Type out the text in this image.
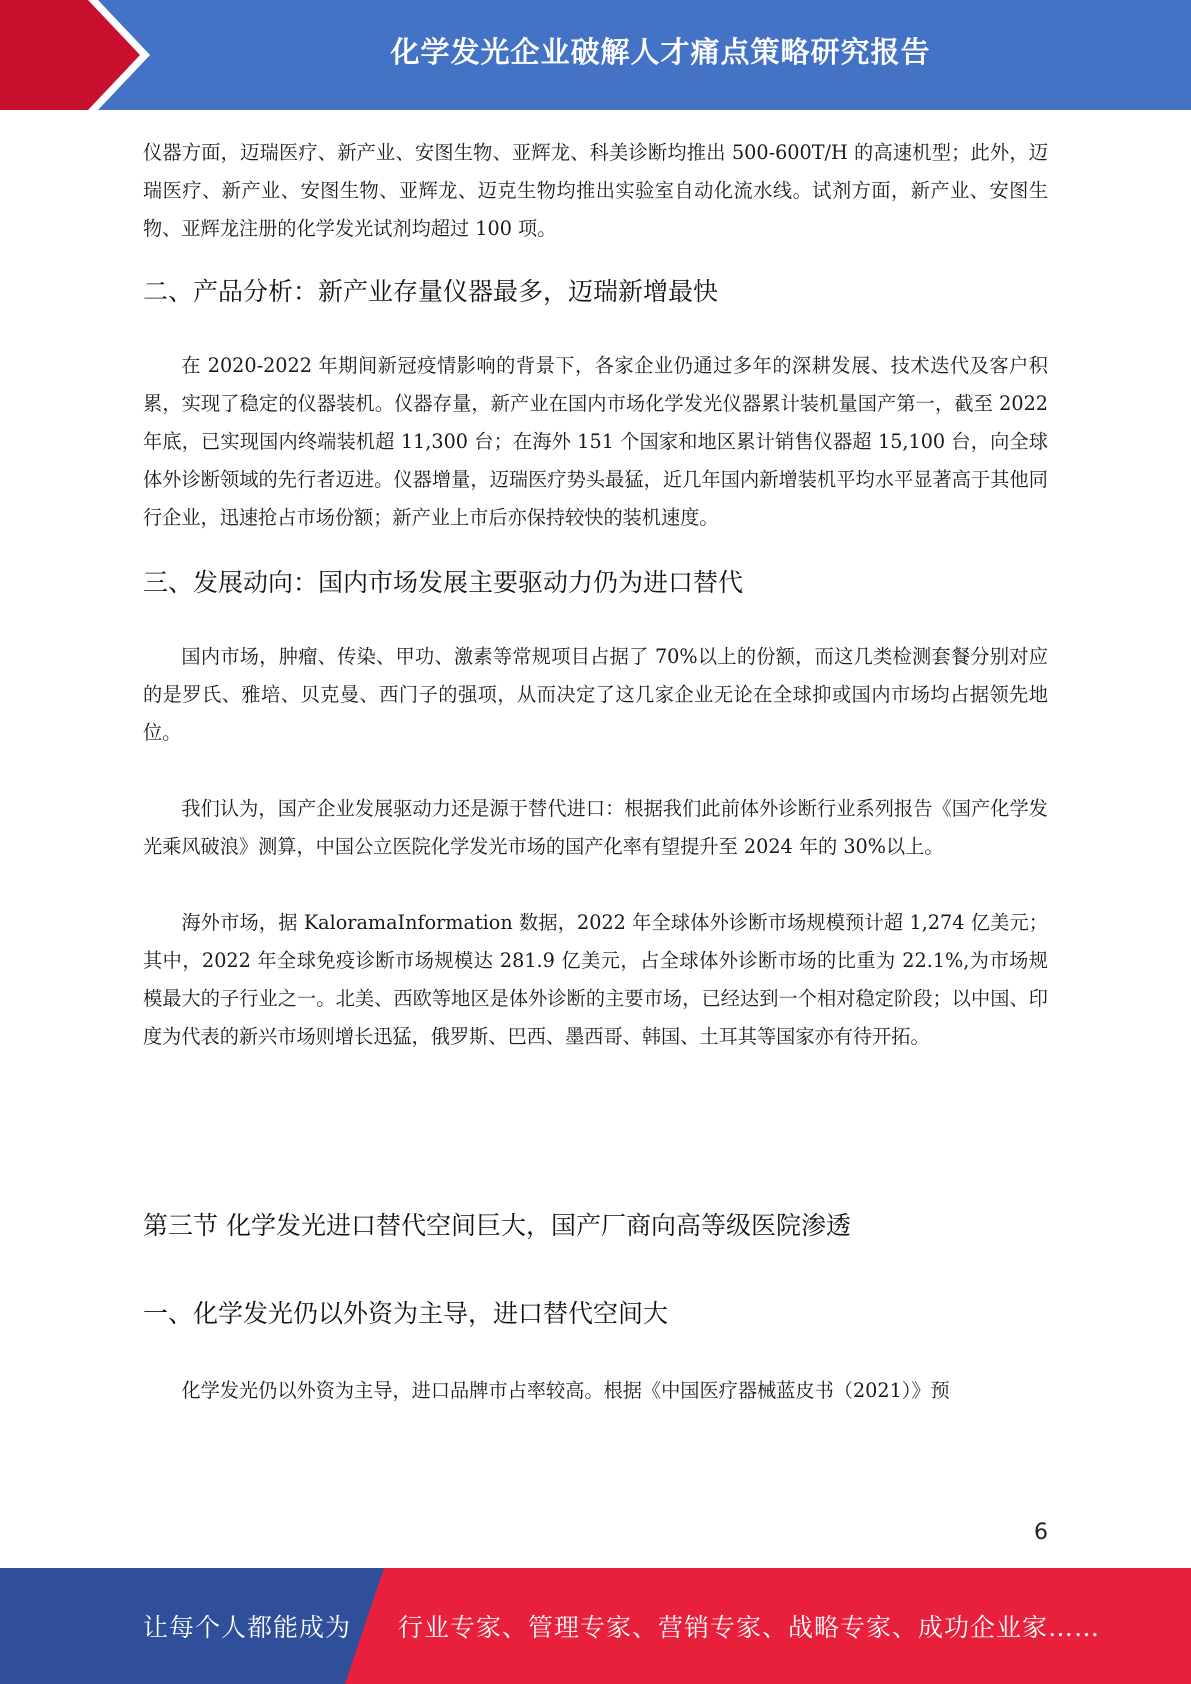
化学发光企业破解人才痛点策略研究报告

仪器方面，迈瑞医疗、新产业、安图生物、亚辉龙、科美诊断均推出 500-600T/H 的高速机型；此外，迈瑞医疗、新产业、安图生物、亚辉龙、迈克生物均推出实验室自动化流水线。试剂方面，新产业、安图生物、亚辉龙注册的化学发光试剂均超过 100 项。

二、产品分析：新产业存量仪器最多，迈瑞新增最快

在 2020-2022 年期间新冠疫情影响的背景下，各家企业仍通过多年的深耕发展、技术迭代及客户积累，实现了稳定的仪器装机。仪器存量，新产业在国内市场化学发光仪器累计装机量国产第一，截至 2022 年底，已实现国内终端装机超 11,300 台；在海外 151 个国家和地区累计销售仪器超 15,100 台，向全球体外诊断领域的先行者迈进。仪器增量，迈瑞医疗势头最猛，近几年国内新增装机平均水平显著高于其他同行企业，迅速抢占市场份额；新产业上市后亦保持较快的装机速度。

三、发展动向：国内市场发展主要驱动力仍为进口替代

国内市场，肿瘤、传染、甲功、激素等常规项目占据了 70%以上的份额，而这几类检测套餐分别对应的是罗氏、雅培、贝克曼、西门子的强项，从而决定了这几家企业无论在全球抑或国内市场均占据领先地位。

我们认为，国产企业发展驱动力还是源于替代进口：根据我们此前体外诊断行业系列报告《国产化学发光乘风破浪》测算，中国公立医院化学发光市场的国产化率有望提升至 2024 年的 30%以上。

海外市场，据 KaloramaInformation 数据，2022 年全球体外诊断市场规模预计超 1,274 亿美元；其中，2022 年全球免疫诊断市场规模达 281.9 亿美元，占全球体外诊断市场的比重为 22.1%,为市场规模最大的子行业之一。北美、西欧等地区是体外诊断的主要市场，已经达到一个相对稳定阶段；以中国、印度为代表的新兴市场则增长迅猛，俄罗斯、巴西、墨西哥、韩国、土耳其等国家亦有待开拓。

第三节 化学发光进口替代空间巨大，国产厂商向高等级医院渗透
一、化学发光仍以外资为主导，进口替代空间大

化学发光仍以外资为主导，进口品牌市占率较高。根据《中国医疗器械蓝皮书（2021）》预

6
让每个人都能成为 行业专家、管理专家、营销专家、战略专家、成功企业家……
